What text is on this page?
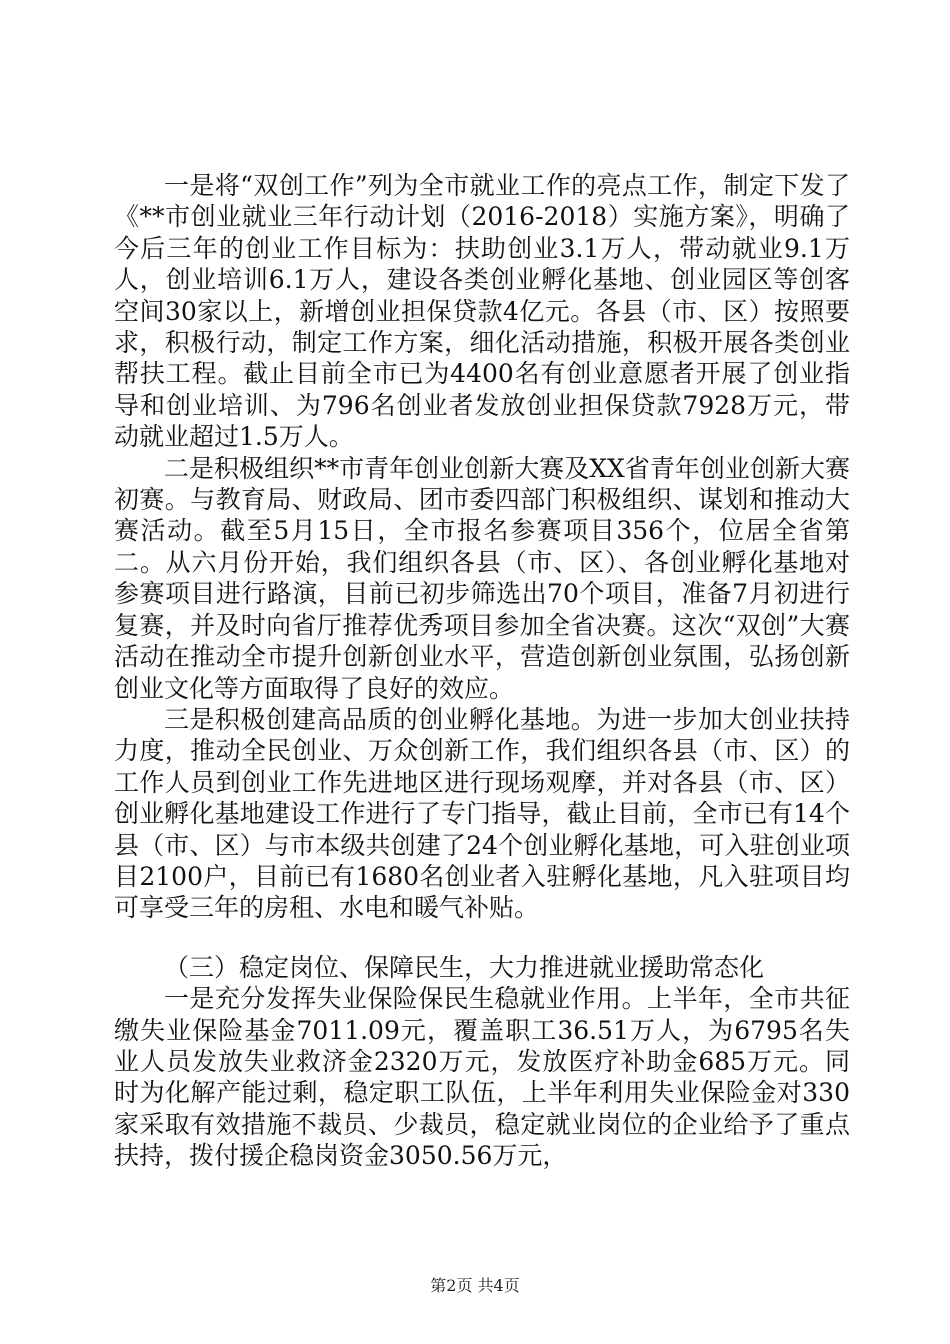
一是将“双创工作”列为全市就业工作的亮点工作，制定下发了《**市创业就业三年行动计划（2016-2018）实施方案》，明确了今后三年的创业工作目标为：扶助创业3.1万人，带动就业9.1万人，创业培训6.1万人，建设各类创业孵化基地、创业园区等创客空间30家以上，新增创业担保贷款4亿元。各县（市、区）按照要求，积极行动，制定工作方案，细化活动措施，积极开展各类创业帮扶工程。截止目前全市已为4400名有创业意愿者开展了创业指导和创业培训、为796名创业者发放创业担保贷款7928万元，带动就业超过1.5万人。

二是积极组织**市青年创业创新大赛及XX省青年创业创新大赛初赛。与教育局、财政局、团市委四部门积极组织、谋划和推动大赛活动。截至5月15日，全市报名参赛项目356个，位居全省第二。从六月份开始，我们组织各县（市、区）、各创业孵化基地对参赛项目进行路演，目前已初步筛选出70个项目，准备7月初进行复赛，并及时向省厅推荐优秀项目参加全省决赛。这次“双创”大赛活动在推动全市提升创新创业水平，营造创新创业氛围，弘扬创新创业文化等方面取得了良好的效应。

三是积极创建高品质的创业孵化基地。为进一步加大创业扶持力度，推动全民创业、万众创新工作，我们组织各县（市、区）的工作人员到创业工作先进地区进行现场观摩，并对各县（市、区）创业孵化基地建设工作进行了专门指导，截止目前，全市已有14个县（市、区）与市本级共创建了24个创业孵化基地，可入驻创业项目2100户，目前已有1680名创业者入驻孵化基地，凡入驻项目均可享受三年的房租、水电和暖气补贴。

（三）稳定岗位、保障民生，大力推进就业援助常态化

一是充分发挥失业保险保民生稳就业作用。上半年，全市共征缴失业保险基金7011.09元，覆盖职工36.51万人，为6795名失业人员发放失业救济金2320万元，发放医疗补助金685万元。同时为化解产能过剩，稳定职工队伍，上半年利用失业保险金对330家采取有效措施不裁员、少裁员，稳定就业岗位的企业给予了重点扶持，拨付援企稳岗资金3050.56万元，

第2页 共4页
